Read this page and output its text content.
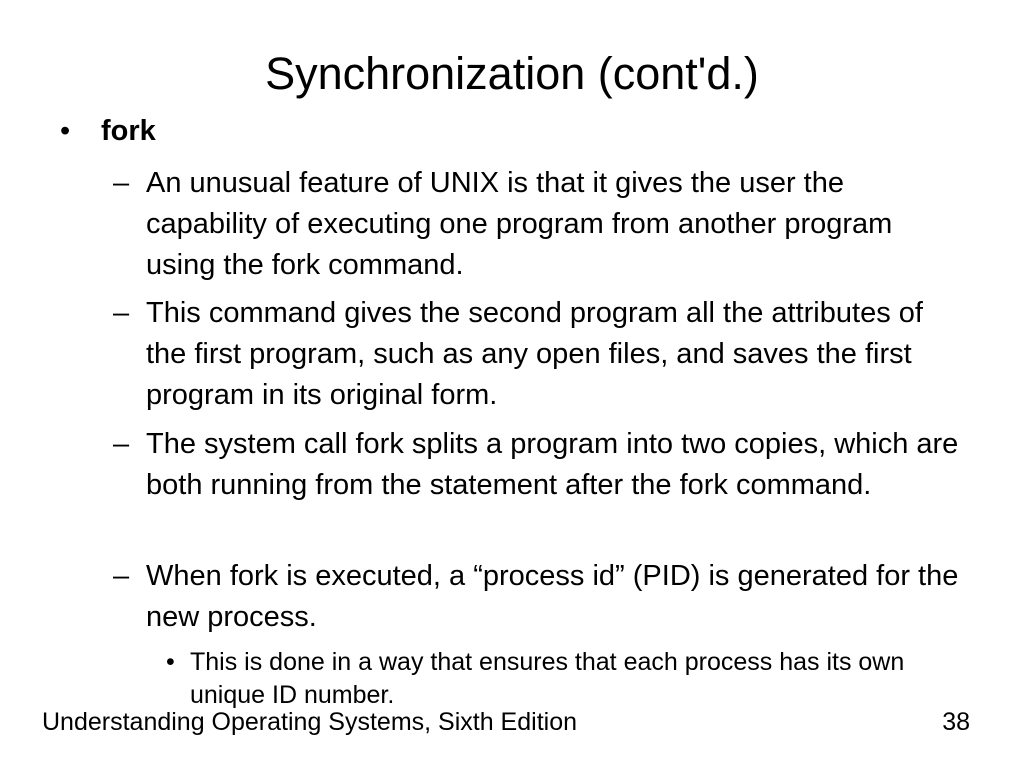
Synchronization (cont'd.)
•	fork
– An unusual feature of UNIX is that it gives the user the capability of executing one program from another program using the fork command.
– This command gives the second program all the attributes of the first program, such as any open files, and saves the first program in its original form.
– The system call fork splits a program into two copies, which are both running from the statement after the fork command.
– When fork is executed, a “process id” (PID) is generated for the new process.
• This is done in a way that ensures that each process has its own unique ID number.
Understanding Operating Systems, Sixth Edition	38
